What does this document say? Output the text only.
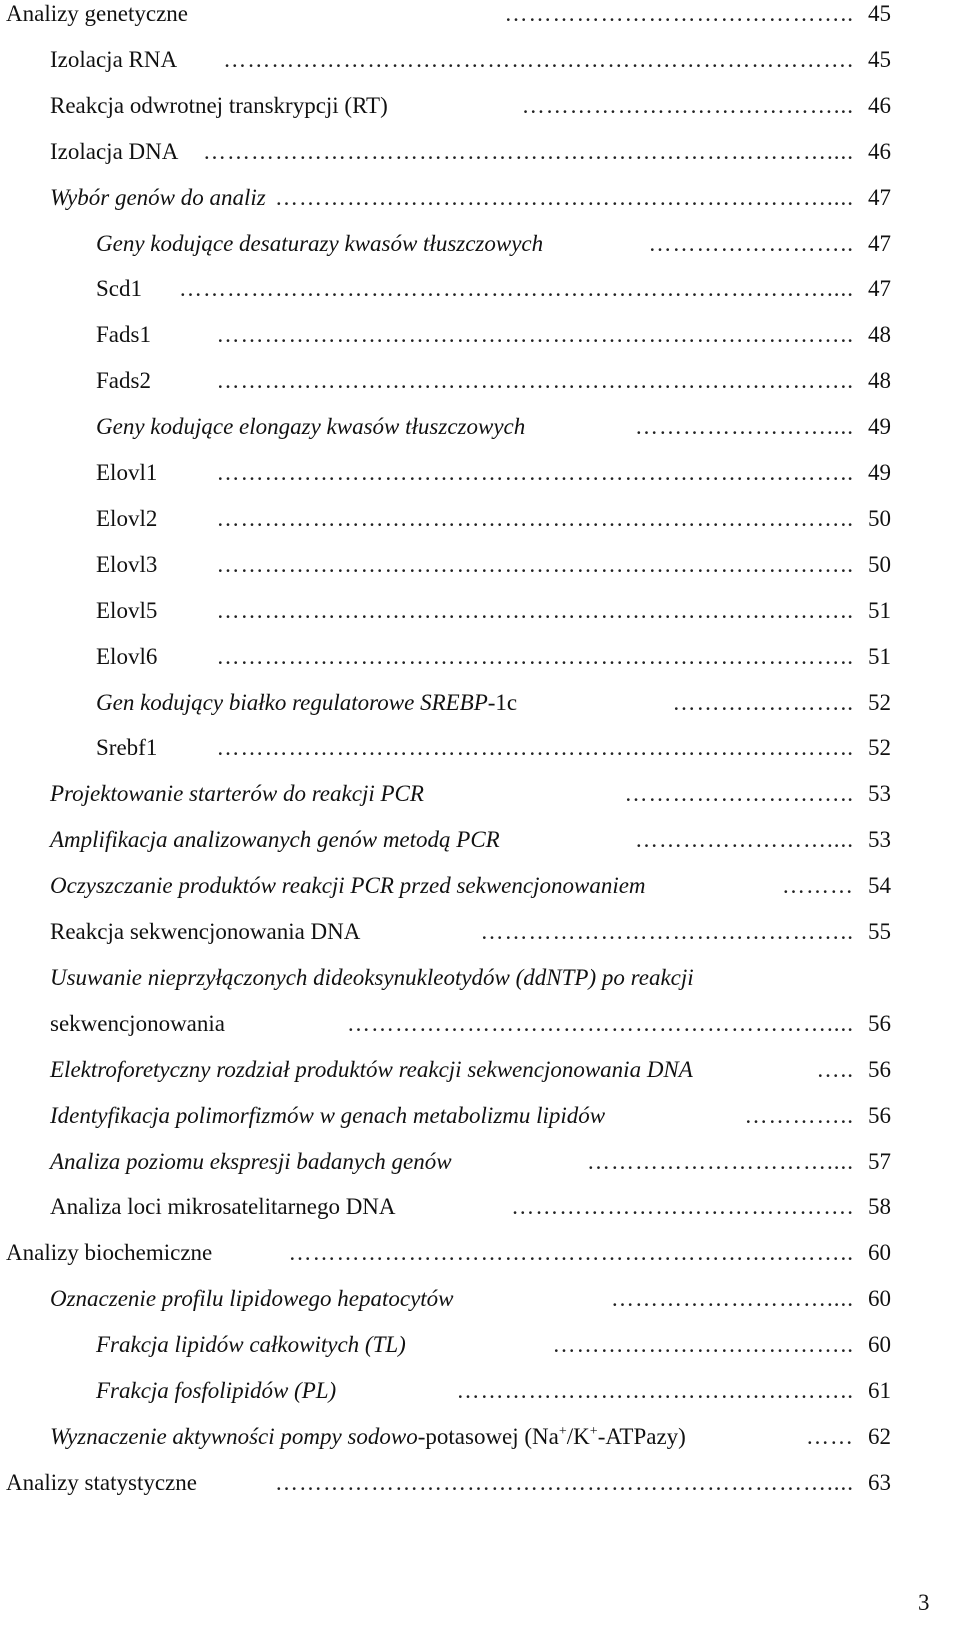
Analizy genetyczne	…………………………………….. 45
Izolacja RNA ……………………………………………………………………. 45
Reakcja odwrotnej transkrypcji (RT)	…………………………………... 46
Izolacja DNA …………………………………………………………………….... 46
Wybór genów do analiz …………………………………………………………….... 47
Geny kodujące desaturazy kwasów tłuszczowych	…………………….. 47
Scd1 ……………………………………………………………………….... 47
Fads1	…………………………………………………………………….. 48
Fads2	…………………………………………………………………….. 48
Geny kodujące elongazy kwasów tłuszczowych	…………………….... 49
Elovl1	…………………………………………………………………….. 49
Elovl2	…………………………………………………………………….. 50
Elovl3	…………………………………………………………………….. 50
Elovl5	…………………………………………………………………….. 51
Elovl6	…………………………………………………………………….. 51
Gen kodujący białko regulatorowe SREBP-1c	………………….. 52
Srebf1	…………………………………………………………………….. 52
Projektowanie starterów do reakcji PCR	……………………….. 53
Amplifikacja analizowanych genów metodą PCR	…………………….... 53
Oczyszczanie produktów reakcji PCR przed sekwencjonowaniem	……… 54
Reakcja sekwencjonowania DNA	……………………………………….. 55
Usuwanie nieprzyłączonych dideoksynukleotydów (ddNTP) po reakcji
sekwencjonowania	…………………………………………………….... 56
Elektroforetyczny rozdział produktów reakcji sekwencjonowania DNA	….. 56
Identyfikacja polimorfizmów w genach metabolizmu lipidów	………….. 56
Analiza poziomu ekspresji badanych genów	………………………….... 57
Analiza loci mikrosatelitarnego DNA	……………………………………. 58
Analizy biochemiczne	…………………………………………………………….. 60
Oznaczenie profilu lipidowego hepatocytów	……………………….... 60
Frakcja lipidów całkowitych (TL)	……………………………….. 60
Frakcja fosfolipidów (PL)	………………………………………….. 61
Wyznaczenie aktywności pompy sodowo-potasowej (Na+/K+-ATPazy)	…… 62
Analizy statystyczne	…………………………………………………………….... 63
3
